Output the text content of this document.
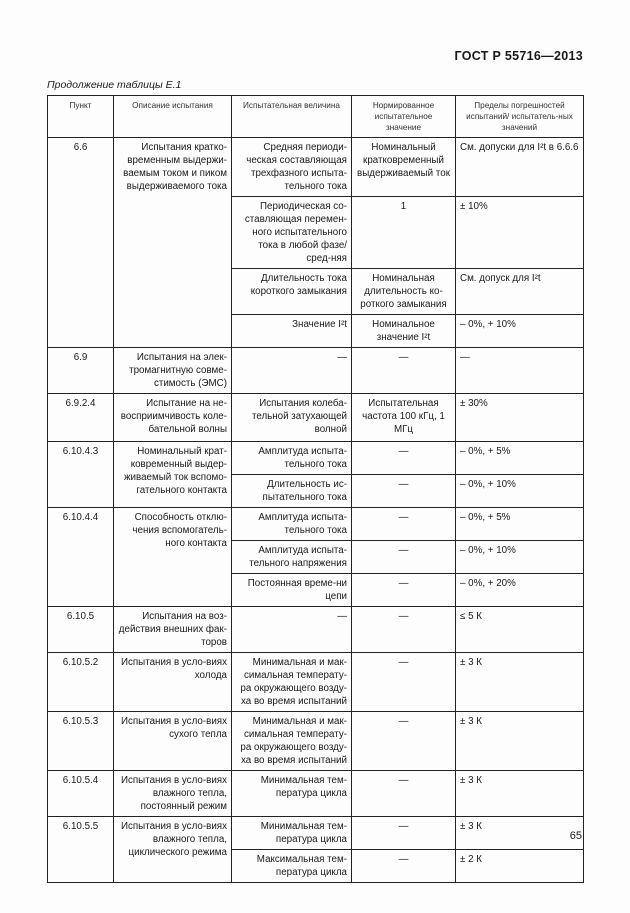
ГОСТ Р 55716—2013
Продолжение таблицы Е.1
Пункт	Описание испытания	Испытательная величина	Нормированное испытательное значение	Пределы погрешностей испытаний/ испытатель-ных значений
6.6	Испытания кратко-временным выдержи-ваемым током и пиком выдерживаемого тока	Средняя периоди-ческая составляющая трехфазного испыта-тельного тока	Номинальный кратковременный выдерживаемый ток	См. допуски для I²t в 6.6.6
		Периодическая со-ставляющая перемен-ного испытательного тока в любой фазе/сред-няя	1	± 10%
		Длительность тока короткого замыкания	Номинальная длительность ко-роткого замыкания	См. допуск для I²t
		Значение I²t	Номинальное значение I²t	– 0%, + 10%
6.9	Испытания на элек-тромагнитную совме-стимость (ЭМС)	—	—	—
6.9.2.4	Испытание на не-восприимчивость коле-бательной волны	Испытания колеба-тельной затухающей волной	Испытательная частота 100 кГц, 1 МГц	± 30%
6.10.4.3	Номинальный крат-ковременный выдер-живаемый ток вспомо-гательного контакта	Амплитуда испыта-тельного тока	—	– 0%, + 5%
		Длительность ис-пытательного тока	—	– 0%, + 10%
6.10.4.4	Способность отклю-чения вспомогатель-ного контакта	Амплитуда испыта-тельного тока	—	– 0%, + 5%
		Амплитуда испыта-тельного напряжения	—	– 0%, + 10%
		Постоянная време-ни цепи	—	– 0%, + 20%
6.10.5	Испытания на воз-действия внешних фак-торов	—	—	≤ 5 К
6.10.5.2	Испытания в усло-виях холода	Минимальная и мак-симальная температу-ра окружающего возду-ха во время испытаний	—	± 3 К
6.10.5.3	Испытания в усло-виях сухого тепла	Минимальная и мак-симальная температу-ра окружающего возду-ха во время испытаний	—	± 3 К
6.10.5.4	Испытания в усло-виях влажного тепла, постоянный режим	Минимальная тем-пература цикла	—	± 3 К
6.10.5.5	Испытания в усло-виях влажного тепла, циклического режима	Минимальная тем-пература цикла	—	± 3 К
		Максимальная тем-пература цикла	—	± 2 К
65
